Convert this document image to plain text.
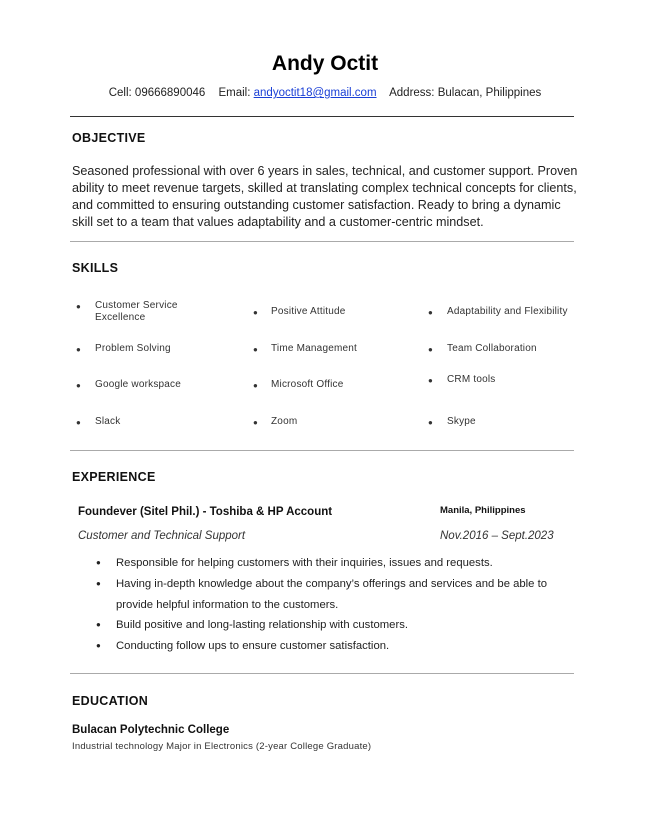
Andy Octit
Cell: 09666890046 Email: andyoctit18@gmail.com Address: Bulacan, Philippines
OBJECTIVE
Seasoned professional with over 6 years in sales, technical, and customer support. Proven ability to meet revenue targets, skilled at translating complex technical concepts for clients, and committed to ensuring outstanding customer satisfaction. Ready to bring a dynamic skill set to a team that values adaptability and a customer-centric mindset.
SKILLS
● Customer Service Excellence	● Positive Attitude	● Adaptability and Flexibility
● Problem Solving	● Time Management	● Team Collaboration
● Google workspace	● Microsoft Office	● CRM tools
● Slack	● Zoom	● Skype
EXPERIENCE
Foundever (Sitel Phil.) - Toshiba & HP Account	Manila, Philippines
Customer and Technical Support	Nov.2016 – Sept.2023
● Responsible for helping customers with their inquiries, issues and requests.
● Having in-depth knowledge about the company’s offerings and services and be able to provide helpful information to the customers.
● Build positive and long-lasting relationship with customers.
● Conducting follow ups to ensure customer satisfaction.
EDUCATION
Bulacan Polytechnic College
Industrial technology Major in Electronics (2-year College Graduate)
